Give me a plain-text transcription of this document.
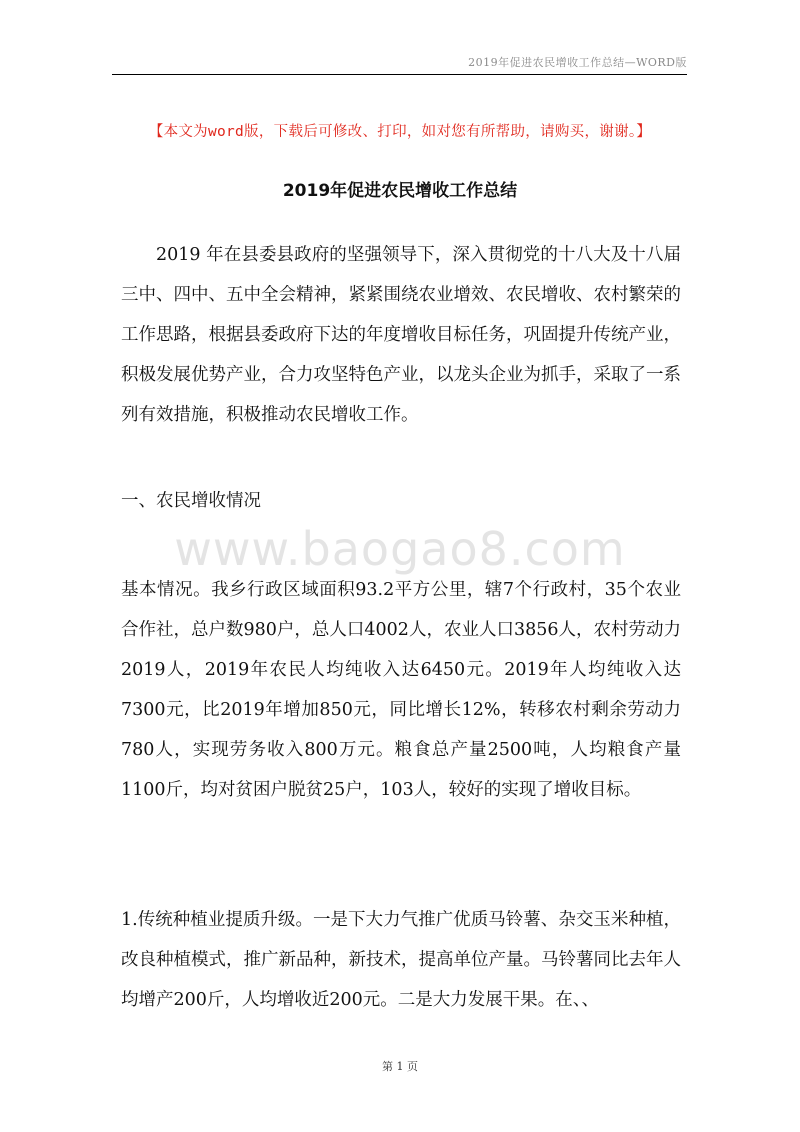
2019年促进农民增收工作总结—WORD版
【本文为word版，下载后可修改、打印，如对您有所帮助，请购买，谢谢。】
2019年促进农民增收工作总结

2019 年在县委县政府的坚强领导下，深入贯彻党的十八大及十八届三中、四中、五中全会精神，紧紧围绕农业增效、农民增收、农村繁荣的工作思路，根据县委政府下达的年度增收目标任务，巩固提升传统产业，积极发展优势产业，合力攻坚特色产业，以龙头企业为抓手，采取了一系列有效措施，积极推动农民增收工作。

一、农民增收情况

www.baogao8.com

基本情况。我乡行政区域面积93.2平方公里，辖7个行政村，35个农业合作社，总户数980户，总人口4002人，农业人口3856人，农村劳动力2019人，2019年农民人均纯收入达6450元。2019年人均纯收入达7300元，比2019年增加850元，同比增长12%，转移农村剩余劳动力780人，实现劳务收入800万元。粮食总产量2500吨，人均粮食产量1100斤，均对贫困户脱贫25户，103人，较好的实现了增收目标。

1.传统种植业提质升级。一是下大力气推广优质马铃薯、杂交玉米种植，改良种植模式，推广新品种，新技术，提高单位产量。马铃薯同比去年人均增产200斤，人均增收近200元。二是大力发展干果。在、、

第 1 页
